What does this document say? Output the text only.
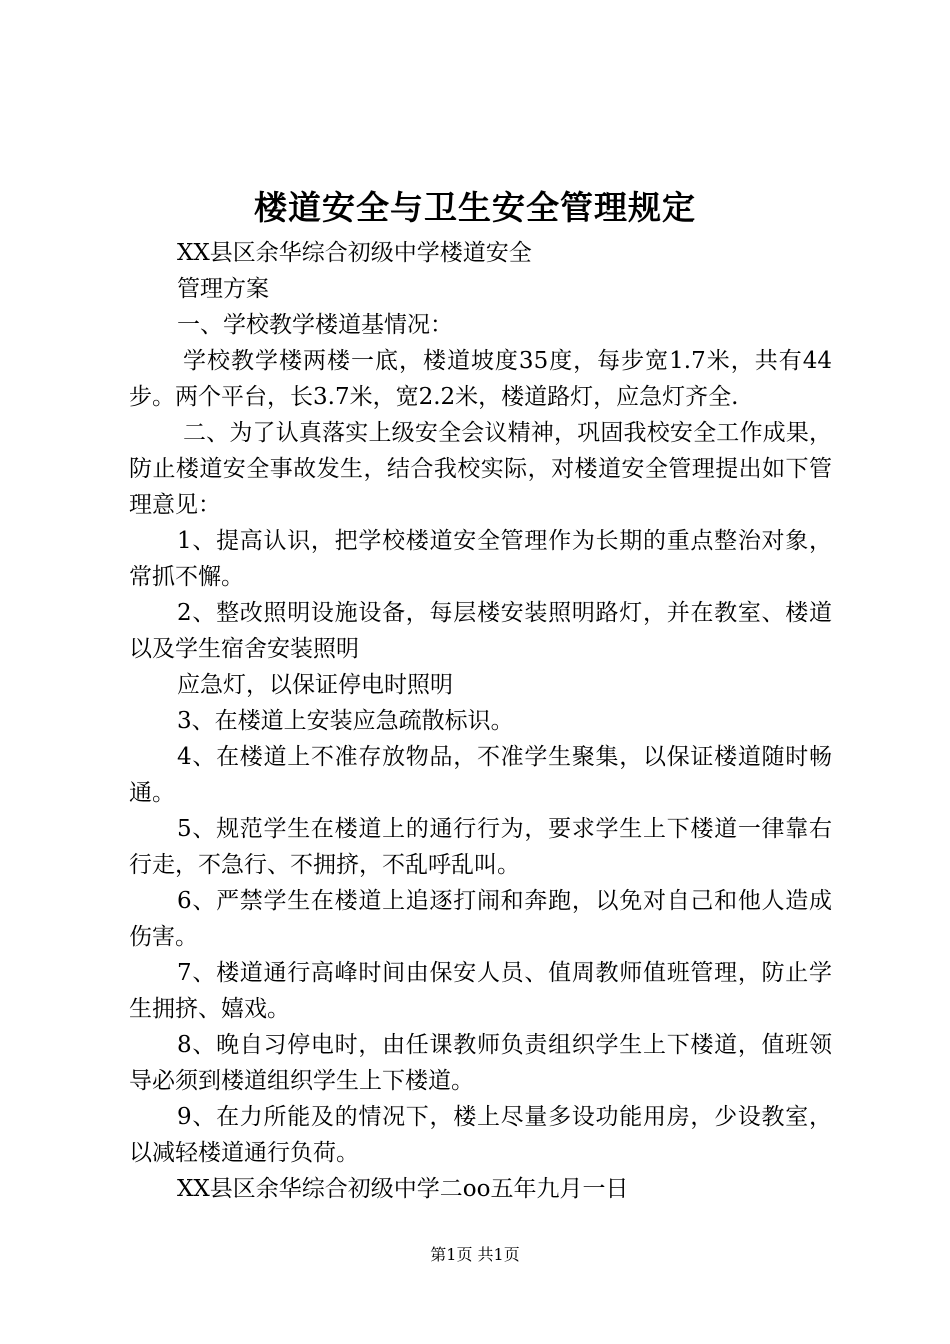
楼道安全与卫生安全管理规定

XX县区余华综合初级中学楼道安全

管理方案

一、学校教学楼道基情况：

学校教学楼两楼一底，楼道坡度35度，每步宽1.7米，共有44步。两个平台，长3.7米，宽2.2米，楼道路灯，应急灯齐全.

二、为了认真落实上级安全会议精神，巩固我校安全工作成果，防止楼道安全事故发生，结合我校实际，对楼道安全管理提出如下管理意见：

1、提高认识，把学校楼道安全管理作为长期的重点整治对象，常抓不懈。

2、整改照明设施设备，每层楼安装照明路灯，并在教室、楼道以及学生宿舍安装照明

应急灯，以保证停电时照明

3、在楼道上安装应急疏散标识。

4、在楼道上不准存放物品，不准学生聚集，以保证楼道随时畅通。

5、规范学生在楼道上的通行行为，要求学生上下楼道一律靠右行走，不急行、不拥挤，不乱呼乱叫。

6、严禁学生在楼道上追逐打闹和奔跑，以免对自己和他人造成伤害。

7、楼道通行高峰时间由保安人员、值周教师值班管理，防止学生拥挤、嬉戏。

8、晚自习停电时，由任课教师负责组织学生上下楼道，值班领导必须到楼道组织学生上下楼道。

9、在力所能及的情况下，楼上尽量多设功能用房，少设教室，以减轻楼道通行负荷。

XX县区余华综合初级中学二oo五年九月一日

第1页 共1页
